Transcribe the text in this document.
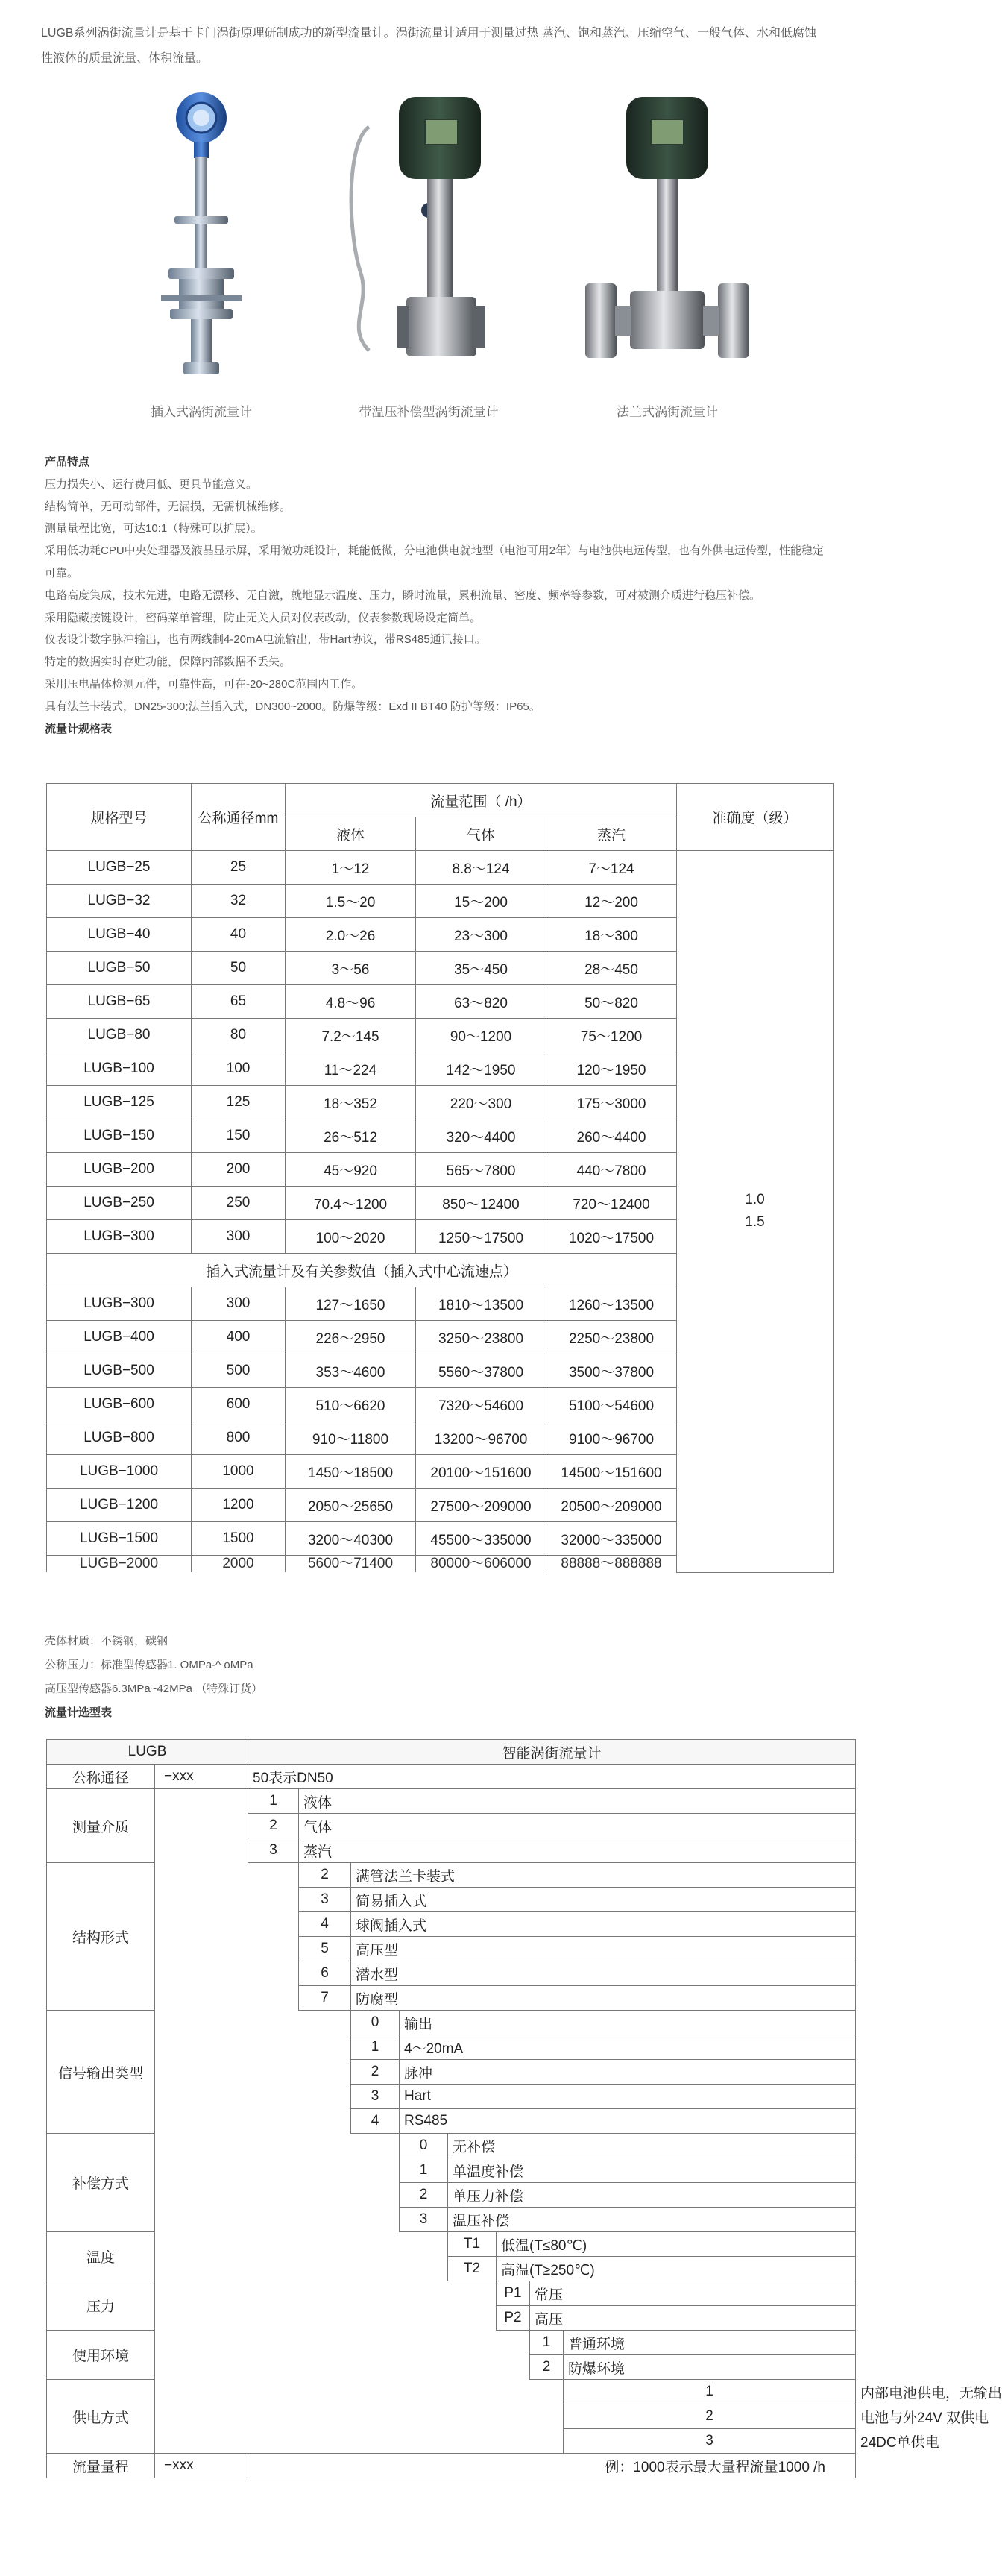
LUGB系列涡街流量计是基于卡门涡街原理研制成功的新型流量计。涡街流量计适用于测量过热 蒸汽、饱和蒸汽、压缩空气、一般气体、水和低腐蚀性液体的质量流量、体积流量。
插入式涡街流量计	带温压补偿型涡街流量计	法兰式涡街流量计

产品特点

压力损失小、运行费用低、更具节能意义。

结构简单，无可动部件，无漏损，无需机械维修。

测量量程比宽，可达10:1（特殊可以扩展）。

采用低功耗CPU中央处理器及液晶显示屏，采用微功耗设计，耗能低微，分电池供电就地型（电池可用2年）与电池供电远传型，也有外供电远传型，性能稳定可靠。

电路高度集成，技术先进，电路无漂移、无自激，就地显示温度、压力，瞬时流量，累积流量、密度、频率等参数，可对被测介质进行稳压补偿。

采用隐藏按键设计，密码菜单管理，防止无关人员对仪表改动，仪表参数现场设定简单。

仪表设计数字脉冲输出，也有两线制4-20mA电流输出，带Hart协议，带RS485通讯接口。

特定的数据实时存贮功能，保障内部数据不丢失。

采用压电晶体检测元件，可靠性高，可在-20~280C范围内工作。

具有法兰卡装式，DN25-300;法兰插入式，DN300~2000。防爆等级：Exd II BT40 防护等级：IP65。

流量计规格表

规格型号	公称通径mm	流量范围（ /h）			准确度（级）
		液体	气体	蒸汽	
LUGB−25	25	1～12	8.8～124	7～124	1.0
1.5

LUGB−32	32	1.5～20	15～200	12～200	
LUGB−40	40	2.0～26	23～300	18～300	
LUGB−50	50	3～56	35～450	28～450	
LUGB−65	65	4.8～96	63～820	50～820	
LUGB−80	80	7.2～145	90～1200	75～1200	
LUGB−100	100	11～224	142～1950	120～1950	
LUGB−125	125	18～352	220～300	175～3000	
LUGB−150	150	26～512	320～4400	260～4400	
LUGB−200	200	45～920	565～7800	440～7800	
LUGB−250	250	70.4～1200	850～12400	720～12400	
LUGB−300	300	100～2020	1250～17500	1020～17500	
插入式流量计及有关参数值（插入式中心流速点）					
LUGB−300	300	127～1650	1810～13500	1260～13500	
LUGB−400	400	226～2950	3250～23800	2250～23800	
LUGB−500	500	353～4600	5560～37800	3500～37800	
LUGB−600	600	510～6620	7320～54600	5100～54600	
LUGB−800	800	910～11800	13200～96700	9100～96700	
LUGB−1000	1000	1450～18500	20100～151600	14500～151600	
LUGB−1200	1200	2050～25650	27500～209000	20500～209000	
LUGB−1500	1500	3200～40300	45500～335000	32000～335000	
LUGB−2000	2000	5600～71400	80000～606000	88888～888888	
壳体材质：不锈钢，碳钢
公称压力：标准型传感器1. OMPa-^ oMPa
高压型传感器6.3MPa~42MPa （特殊订货）
流量计选型表
LUGB		智能涡街流量计								
公称通径	−xxx	50表示DN50								
测量介质		1	液体							
		2	气体							
		3	蒸汽							
结构形式			2	满管法兰卡装式						
			3	简易插入式						
			4	球阀插入式						
			5	高压型						
			6	潜水型						
			7	防腐型						
信号输出类型				0	输出					
				1	4～20mA					
				2	脉冲					
				3	Hart					
				4	RS485					
补偿方式					0	无补偿				
					1	单温度补偿				
					2	单压力补偿				
					3	温压补偿				
温度						T1	低温(T≤80℃)			
						T2	高温(T≥250℃)			
压力							P1	常压		
							P2	高压		
使用环境								1	普通环境	
								2	防爆环境	
供电方式									1	内部电池供电，无输出
									2	电池与外24V 双供电
									3	24DC单供电
流量量程	−xxx	例：1000表示最大量程流量1000 /h								
